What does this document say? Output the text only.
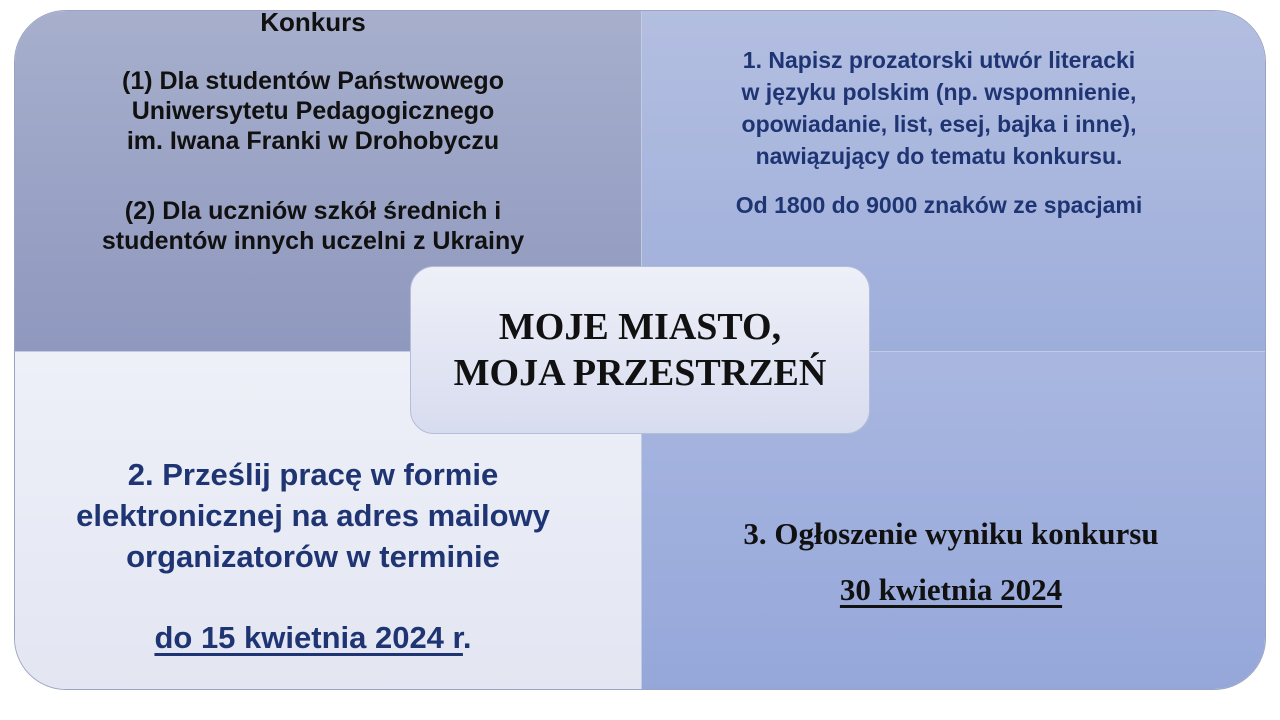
Konkurs
(1) Dla studentów Państwowego
Uniwersytetu Pedagogicznego
im. Iwana Franki w Drohobyczu
(2) Dla uczniów szkół średnich i
studentów innych uczelni z Ukrainy
1. Napisz prozatorski utwór literacki
w języku polskim (np. wspomnienie,
opowiadanie, list, esej, bajka i inne),
nawiązujący do tematu konkursu.
Od 1800 do 9000 znaków ze spacjami
2. Prześlij pracę w formie
elektronicznej na adres mailowy
organizatorów w terminie
do 15 kwietnia 2024 r.
3. Ogłoszenie wyniku konkursu
30 kwietnia 2024
MOJE MIASTO,
MOJA PRZESTRZEŃ
